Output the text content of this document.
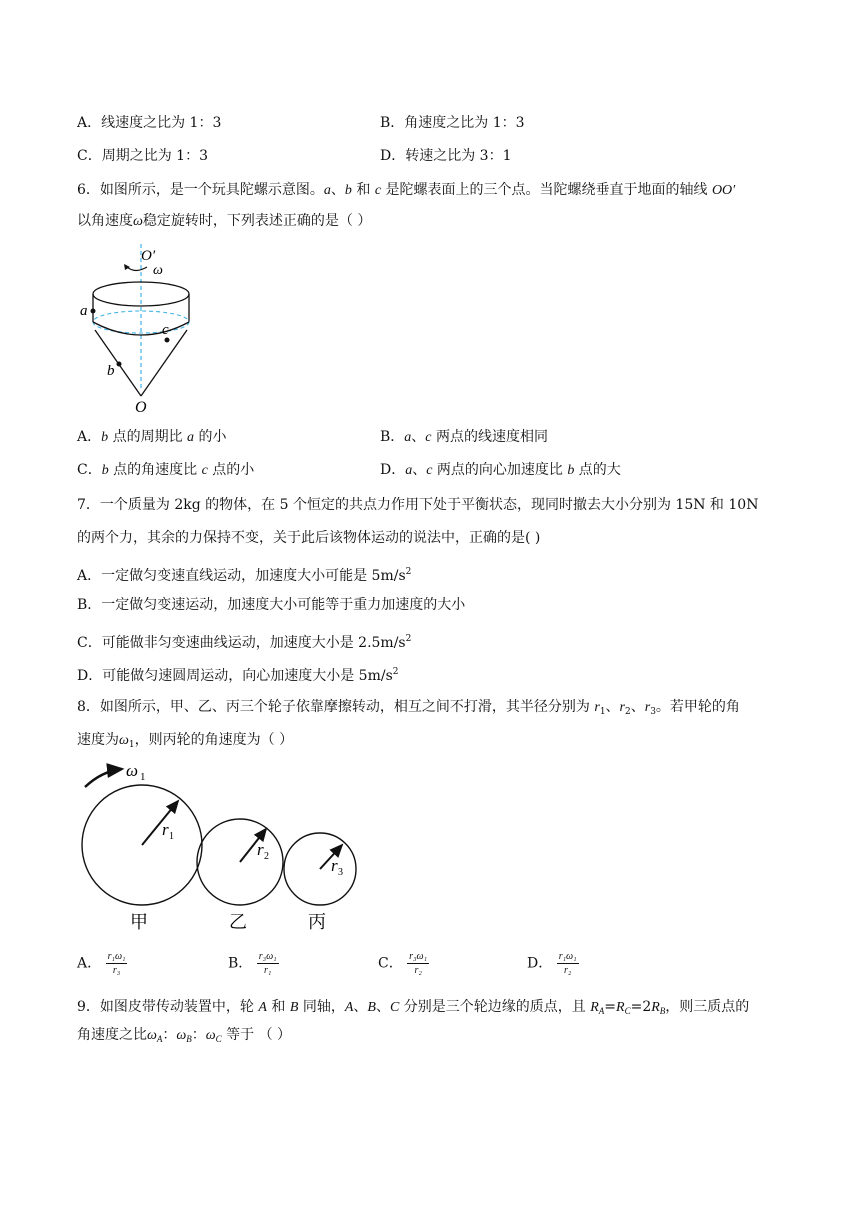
A．线速度之比为 1：3	B．角速度之比为 1：3
C．周期之比为 1：3	D．转速之比为 3：1
6．如图所示，是一个玩具陀螺示意图。a、b 和 c 是陀螺表面上的三个点。当陀螺绕垂直于地面的轴线 OO′
以角速度ω稳定旋转时，下列表述正确的是（ ）
O′
ω
a
c
b
O
A．b 点的周期比 a 的小	B．a、c 两点的线速度相同
C．b 点的角速度比 c 点的小	D．a、c 两点的向心加速度比 b 点的大
7．一个质量为 2kg 的物体，在 5 个恒定的共点力作用下处于平衡状态，现同时撤去大小分别为 15N 和 10N
的两个力，其余的力保持不变，关于此后该物体运动的说法中，正确的是( )
A．一定做匀变速直线运动，加速度大小可能是 $5m/s^2$
B．一定做匀变速运动，加速度大小可能等于重力加速度的大小
C．可能做非匀变速曲线运动，加速度大小是 $2.5m/s^2$
D．可能做匀速圆周运动，向心加速度大小是 $5m/s^2$
8．如图所示，甲、乙、丙三个轮子依靠摩擦转动，相互之间不打滑，其半径分别为 $r_1$、$r_2$、$r_3$。若甲轮的角
速度为$\omega_1$，则丙轮的角速度为（ ）
ω 1
r 1
r 2	r 3
甲	乙	丙
A． $\frac{\text{r₁ω₁}}{\text{r₃}}$	B． $\frac{\text{r₃ω₁}}{\text{r₁}}$	C． $\frac{\text{r₃ω₁}}{\text{r₂}}$	D． $\frac{\text{r₁ω₁}}{\text{r₂}}$
9．如图皮带传动装置中，轮 A 和 B 同轴，A、B、C 分别是三个轮边缘的质点，且 $R_A=R_C=2R_B$，则三质点的
角速度之比$\omega_A$：$\omega_B$：$\omega_C$ 等于 （ ）
